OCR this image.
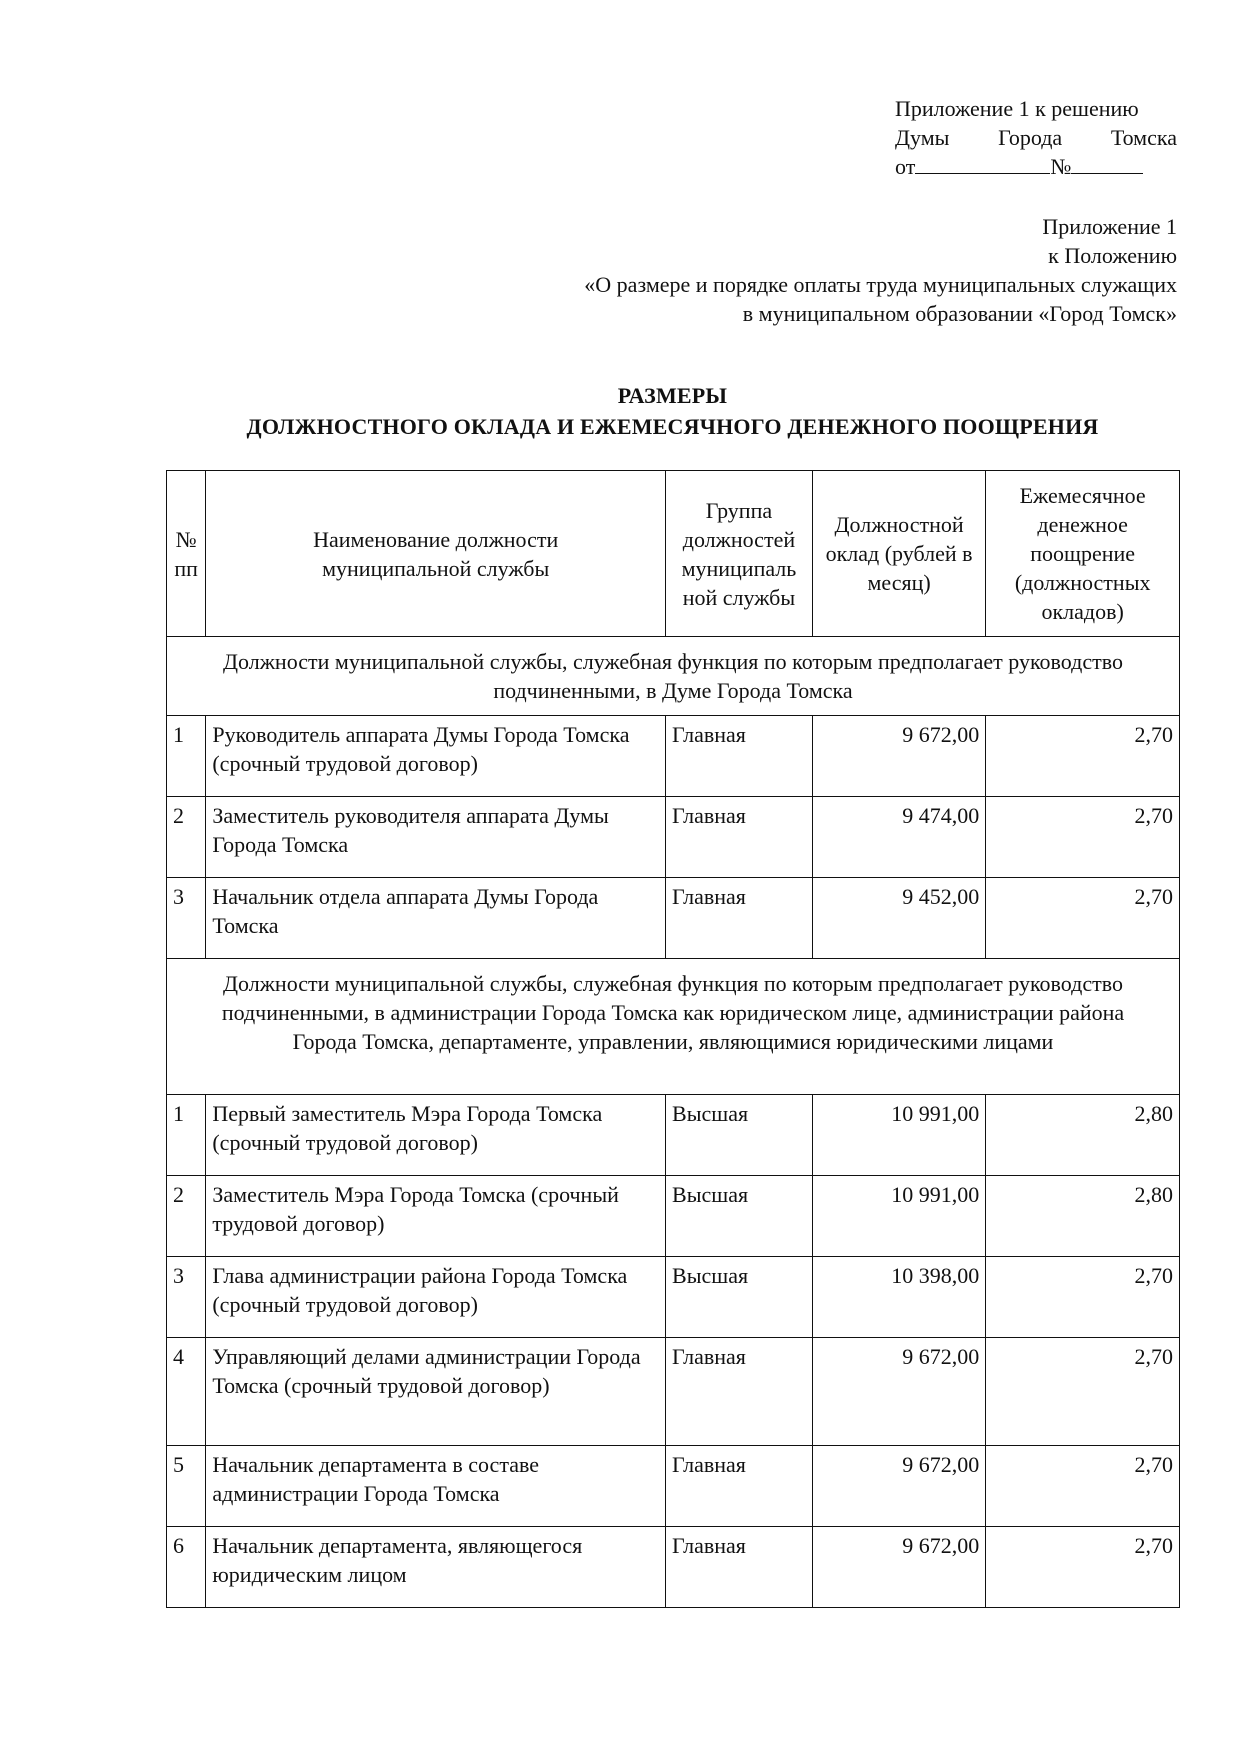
Приложение 1 к решению
Думы Города Томска
от	№
Приложение 1
к Положению
«О размере и порядке оплаты труда муниципальных служащих
в муниципальном образовании «Город Томск»
РАЗМЕРЫ
ДОЛЖНОСТНОГО ОКЛАДА И ЕЖЕМЕСЯЧНОГО ДЕНЕЖНОГО ПООЩРЕНИЯ
№ пп	Наименование должности муниципальной службы	Группа должностей муниципаль ной службы	Должностной оклад (рублей в месяц)	Ежемесячное денежное поощрение (должностных окладов)
Должности муниципальной службы, служебная функция по которым предполагает руководство подчиненными, в Думе Города Томска				
1	Руководитель аппарата Думы Города Томска (срочный трудовой договор)	Главная	9 672,00	2,70
2	Заместитель руководителя аппарата Думы Города Томска	Главная	9 474,00	2,70
3	Начальник отдела аппарата Думы Города Томска	Главная	9 452,00	2,70
Должности муниципальной службы, служебная функция по которым предполагает руководство подчиненными, в администрации Города Томска как юридическом лице, администрации района Города Томска, департаменте, управлении, являющимися юридическими лицами				
1	Первый заместитель Мэра Города Томска (срочный трудовой договор)	Высшая	10 991,00	2,80
2	Заместитель Мэра Города Томска (срочный трудовой договор)	Высшая	10 991,00	2,80
3	Глава администрации района Города Томска (срочный трудовой договор)	Высшая	10 398,00	2,70
4	Управляющий делами администрации Города Томска (срочный трудовой договор)	Главная	9 672,00	2,70
5	Начальник департамента в составе администрации Города Томска	Главная	9 672,00	2,70
6	Начальник департамента, являющегося юридическим лицом	Главная	9 672,00	2,70
